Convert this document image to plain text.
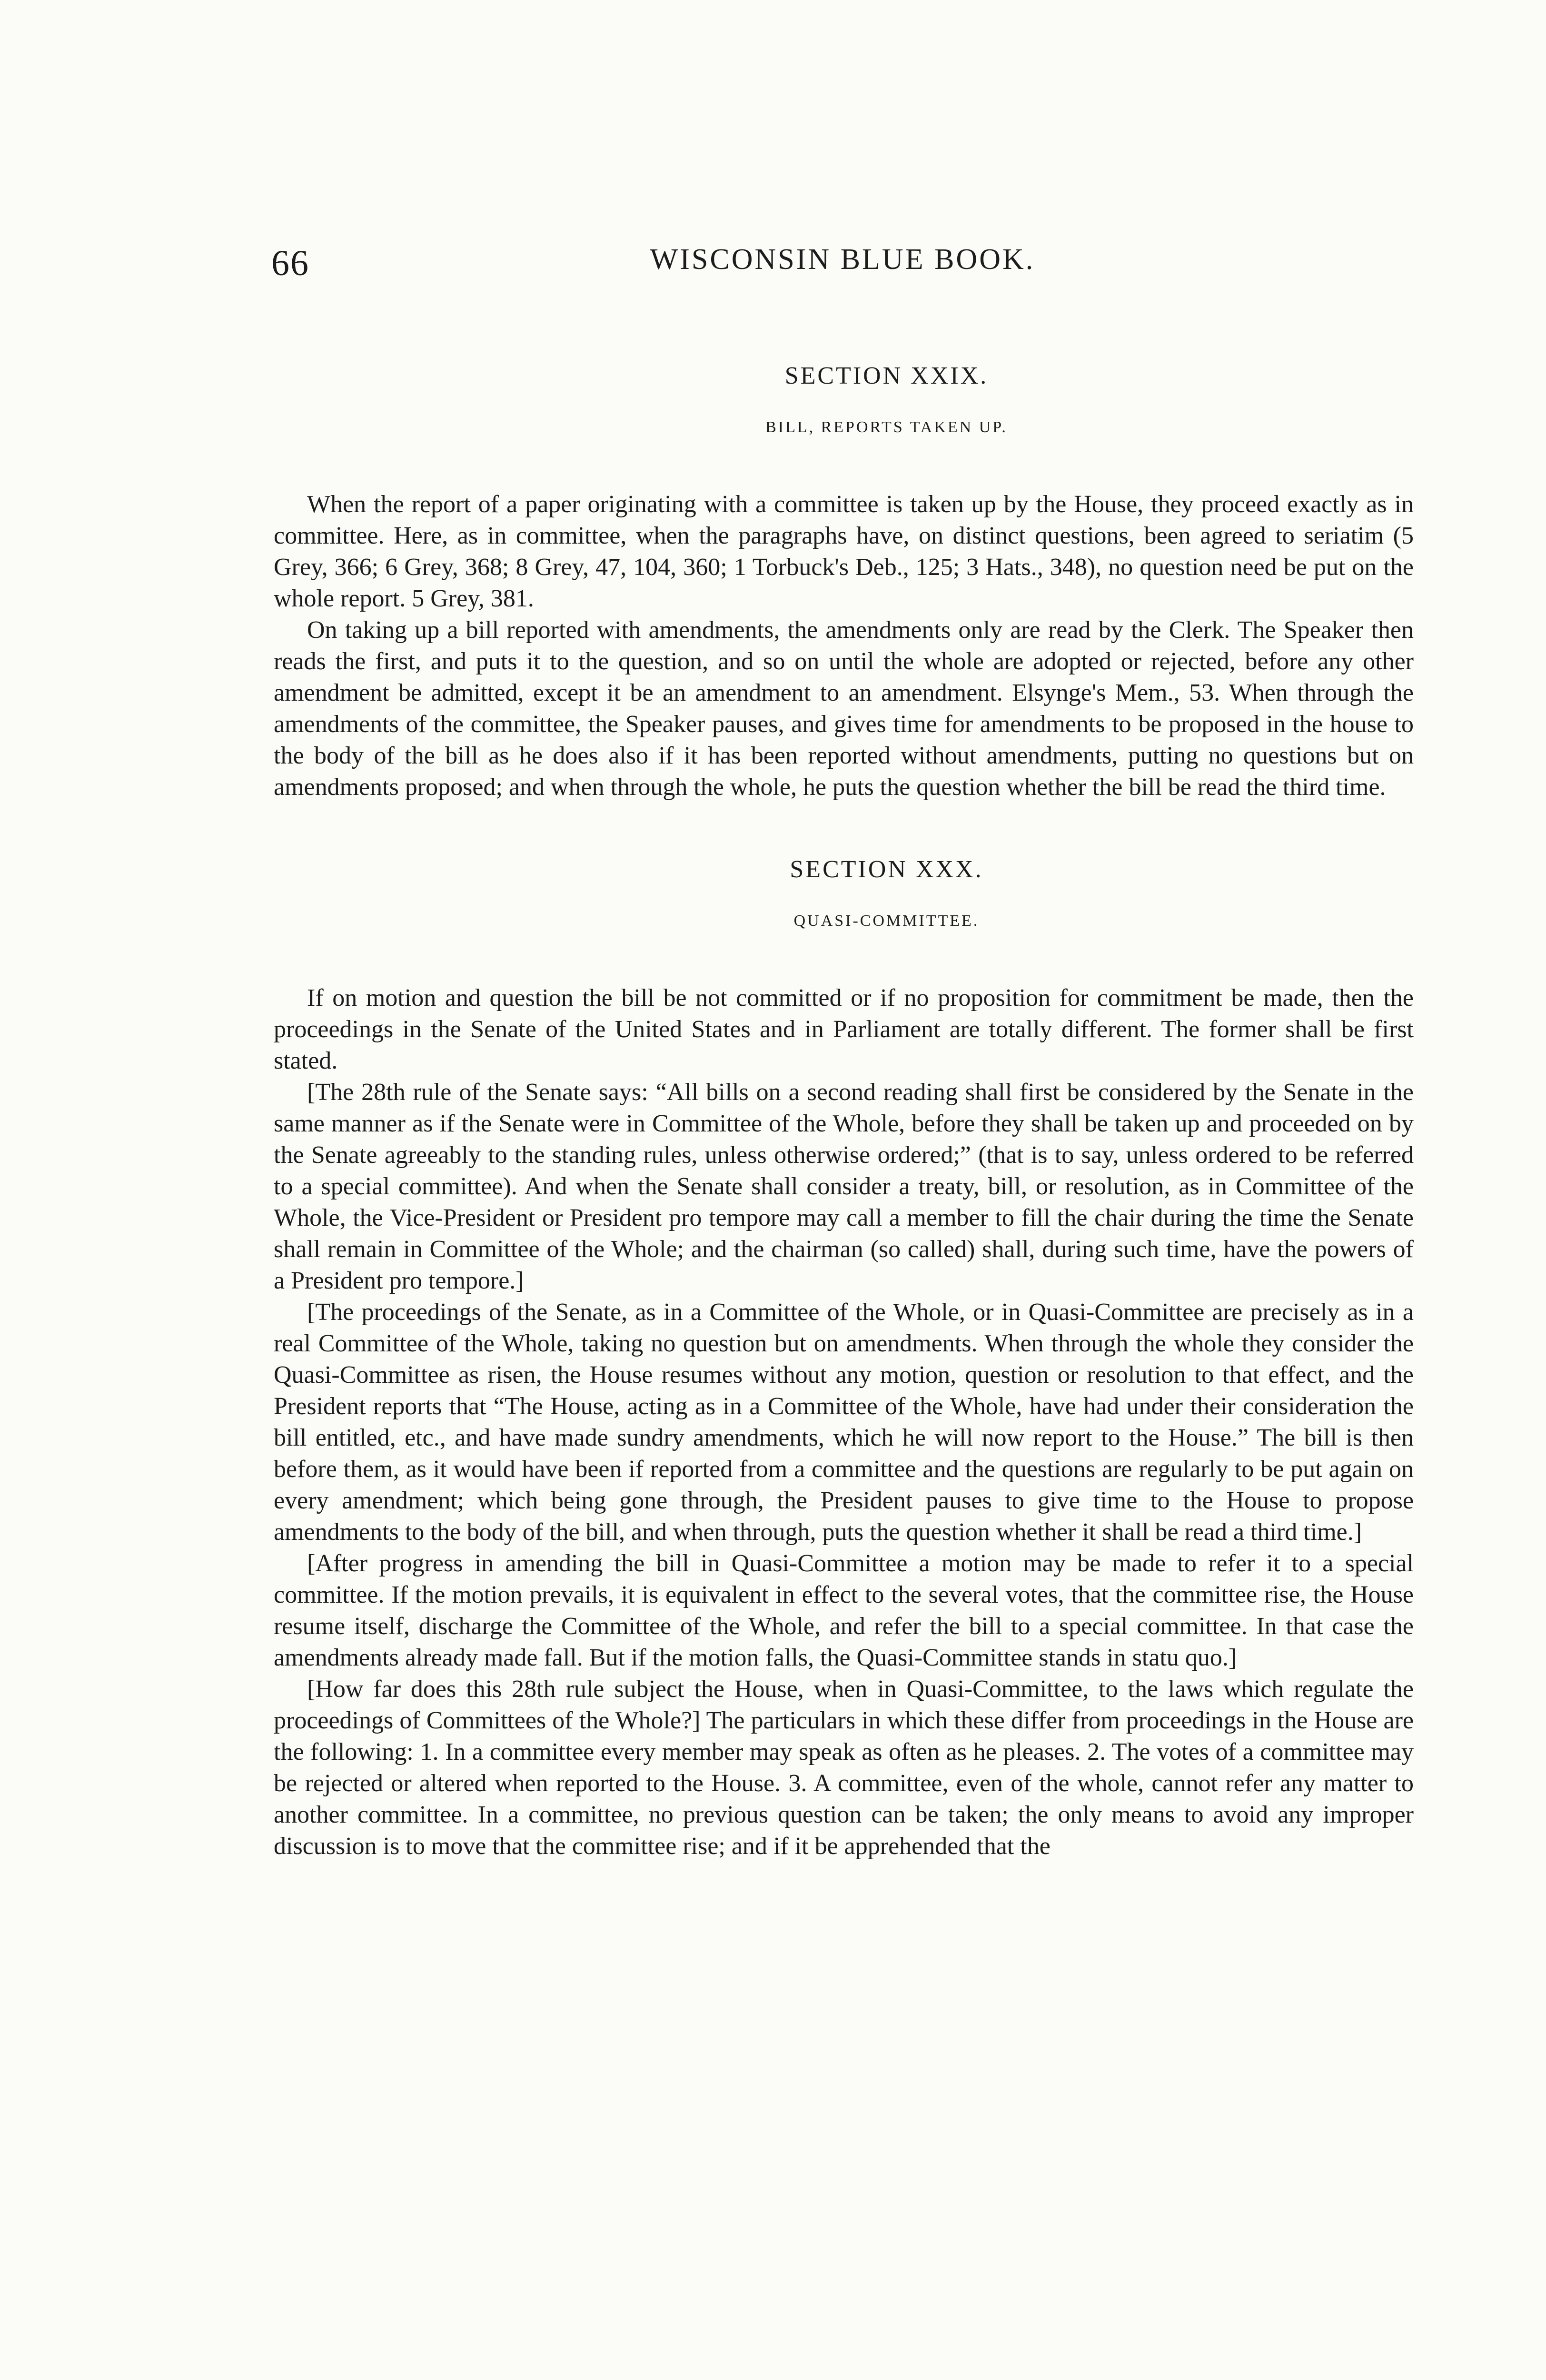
66	WISCONSIN BLUE BOOK.
SECTION XXIX.
BILL, REPORTS TAKEN UP.

When the report of a paper originating with a committee is taken up by the House, they proceed exactly as in committee. Here, as in committee, when the paragraphs have, on distinct questions, been agreed to seriatim (5 Grey, 366; 6 Grey, 368; 8 Grey, 47, 104, 360; 1 Torbuck's Deb., 125; 3 Hats., 348), no question need be put on the whole report. 5 Grey, 381.

On taking up a bill reported with amendments, the amendments only are read by the Clerk. The Speaker then reads the first, and puts it to the question, and so on until the whole are adopted or rejected, before any other amendment be admitted, except it be an amendment to an amendment. Elsynge's Mem., 53. When through the amendments of the committee, the Speaker pauses, and gives time for amendments to be proposed in the house to the body of the bill as he does also if it has been reported without amendments, putting no questions but on amendments proposed; and when through the whole, he puts the question whether the bill be read the third time.

SECTION XXX.
QUASI-COMMITTEE.

If on motion and question the bill be not committed or if no proposition for commitment be made, then the proceedings in the Senate of the United States and in Parliament are totally different. The former shall be first stated.

[The 28th rule of the Senate says: “All bills on a second reading shall first be considered by the Senate in the same manner as if the Senate were in Committee of the Whole, before they shall be taken up and proceeded on by the Senate agreeably to the standing rules, unless otherwise ordered;” (that is to say, unless ordered to be referred to a special committee). And when the Senate shall consider a treaty, bill, or resolution, as in Committee of the Whole, the Vice-President or President pro tempore may call a member to fill the chair during the time the Senate shall remain in Committee of the Whole; and the chairman (so called) shall, during such time, have the powers of a President pro tempore.]

[The proceedings of the Senate, as in a Committee of the Whole, or in Quasi-Committee are precisely as in a real Committee of the Whole, taking no question but on amendments. When through the whole they consider the Quasi-Committee as risen, the House resumes without any motion, question or resolution to that effect, and the President reports that “The House, acting as in a Committee of the Whole, have had under their consideration the bill entitled, etc., and have made sundry amendments, which he will now report to the House.” The bill is then before them, as it would have been if reported from a committee and the questions are regularly to be put again on every amendment; which being gone through, the President pauses to give time to the House to propose amendments to the body of the bill, and when through, puts the question whether it shall be read a third time.]

[After progress in amending the bill in Quasi-Committee a motion may be made to refer it to a special committee. If the motion prevails, it is equivalent in effect to the several votes, that the committee rise, the House resume itself, discharge the Committee of the Whole, and refer the bill to a special committee. In that case the amendments already made fall. But if the motion falls, the Quasi-Committee stands in statu quo.]

[How far does this 28th rule subject the House, when in Quasi-Committee, to the laws which regulate the proceedings of Committees of the Whole?] The particulars in which these differ from proceedings in the House are the following: 1. In a committee every member may speak as often as he pleases. 2. The votes of a committee may be rejected or altered when reported to the House. 3. A committee, even of the whole, cannot refer any matter to another committee. In a committee, no previous question can be taken; the only means to avoid any improper discussion is to move that the committee rise; and if it be apprehended that the
